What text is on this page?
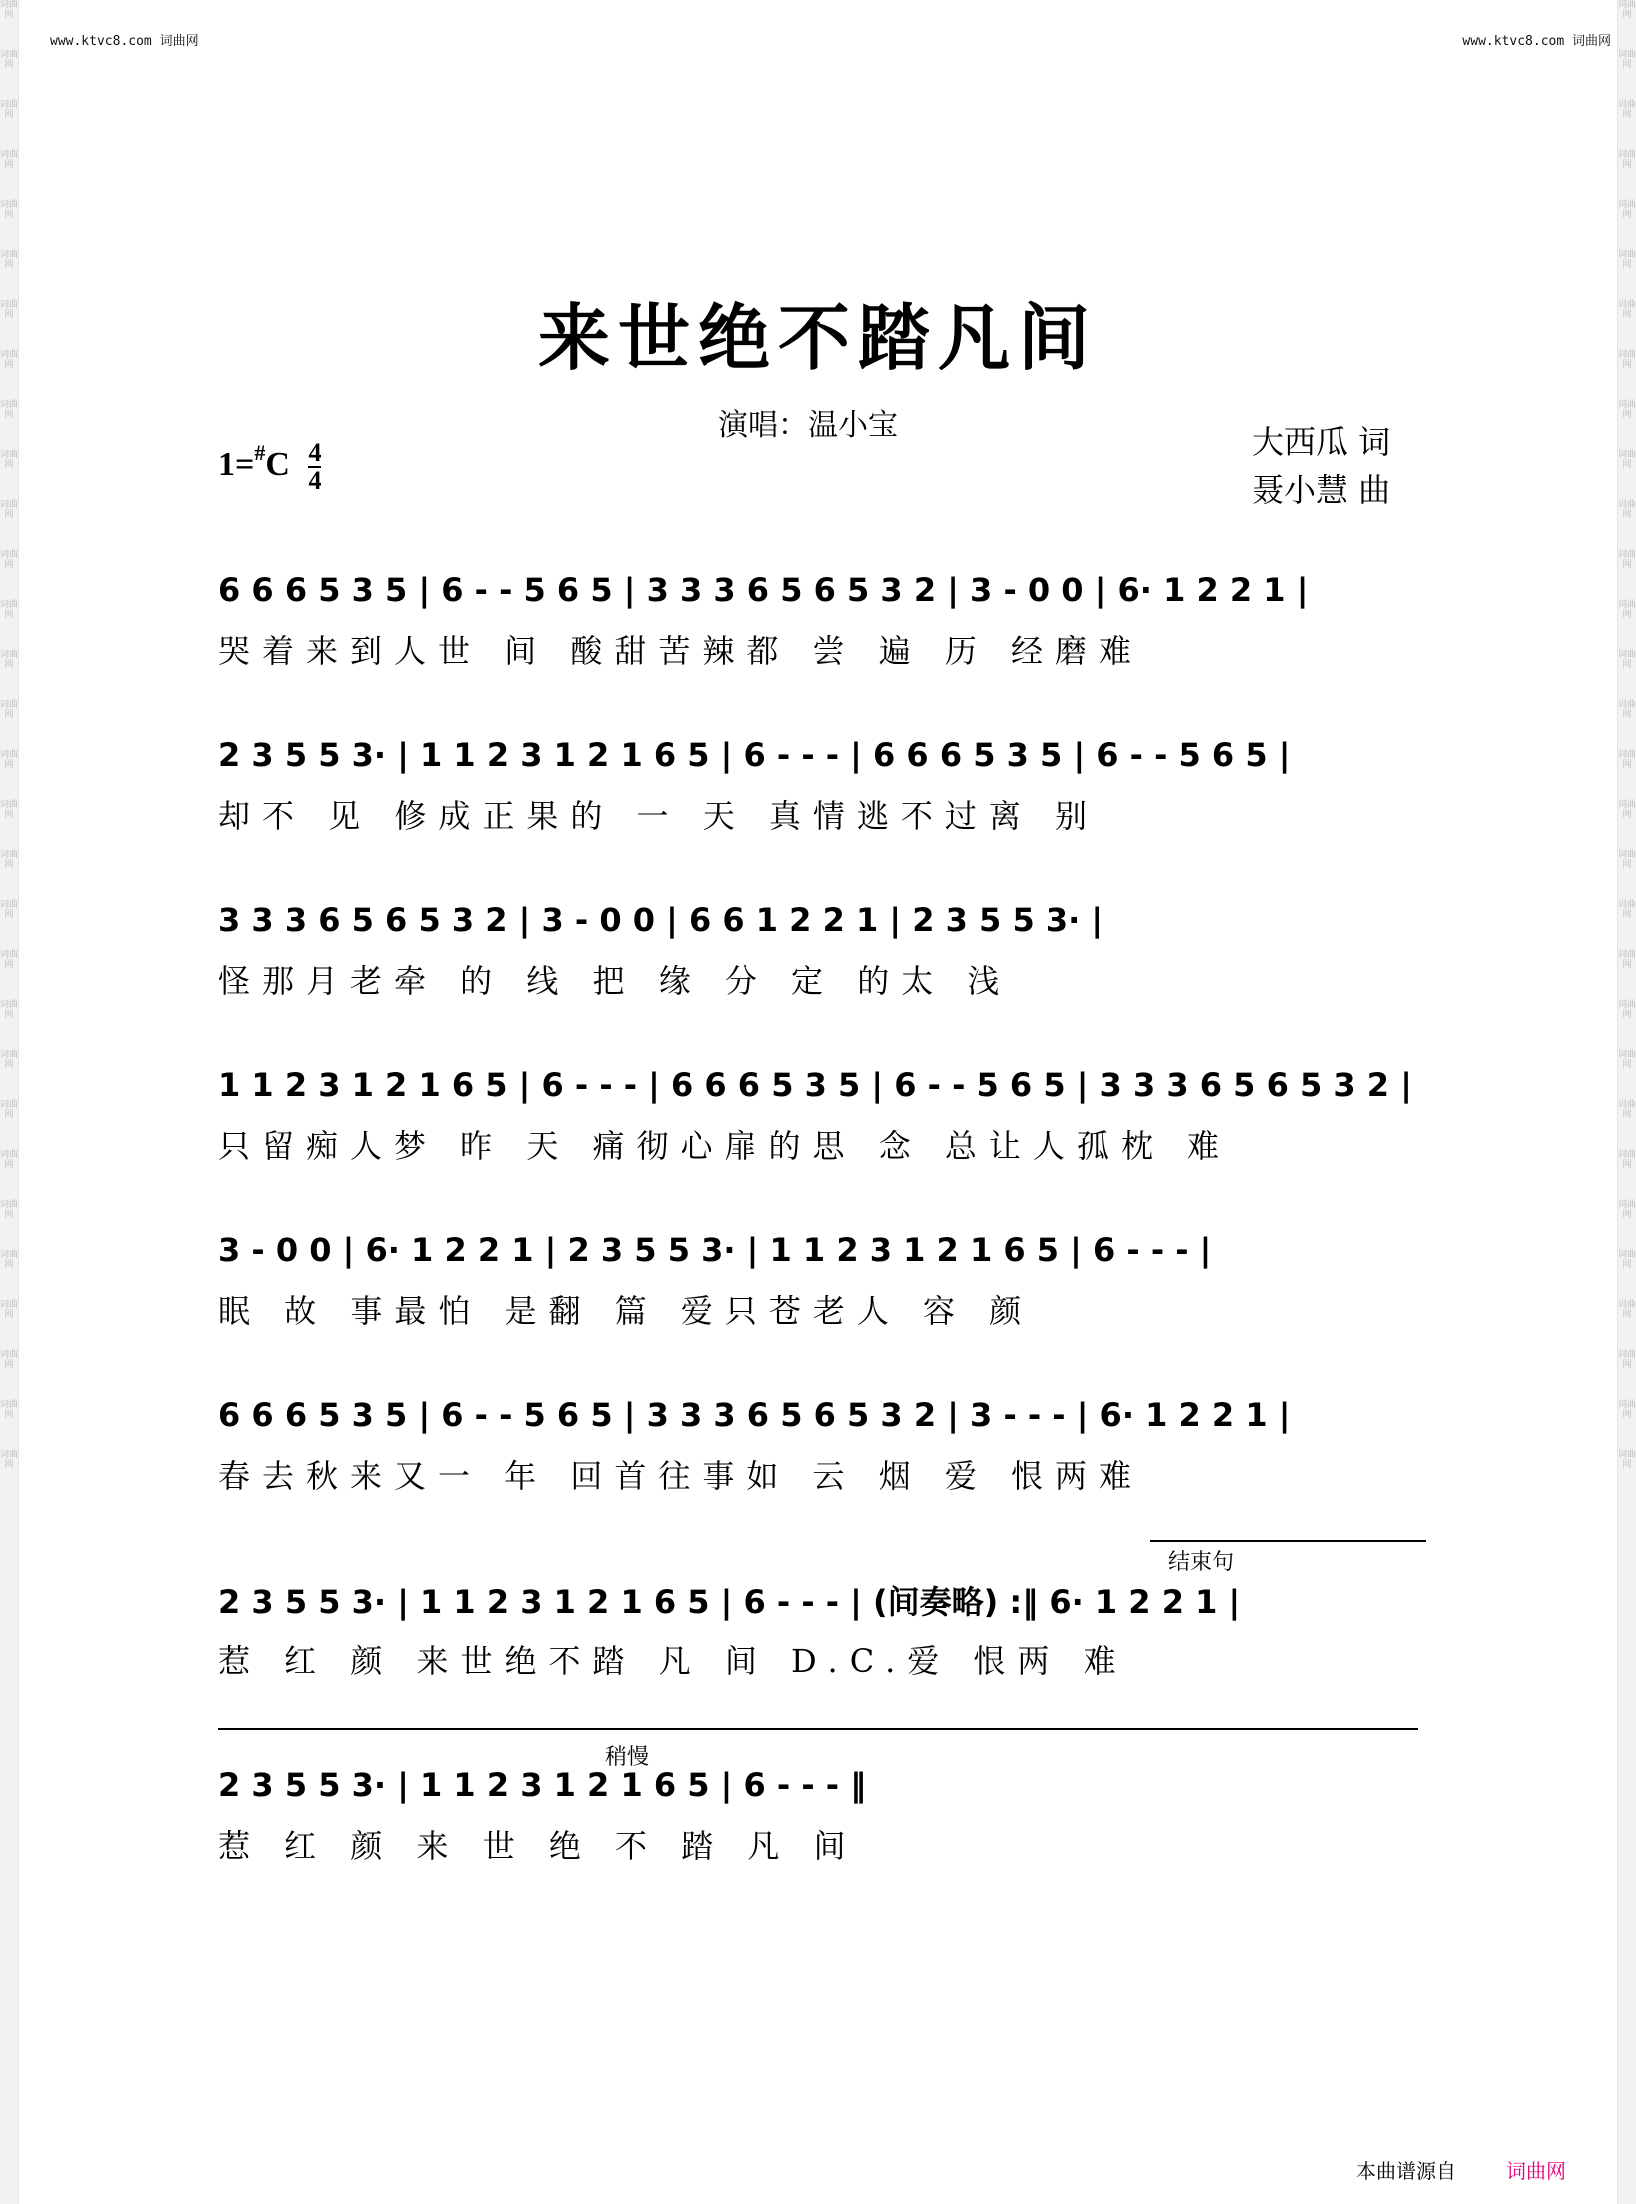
词曲网
词曲网
词曲网
词曲网
词曲网
词曲网
词曲网
词曲网
词曲网
词曲网
词曲网
词曲网
词曲网
词曲网
词曲网
词曲网
词曲网
词曲网
词曲网
词曲网
词曲网
词曲网
词曲网
词曲网
词曲网
词曲网
词曲网
词曲网
词曲网
词曲网
词曲网
词曲网
词曲网
词曲网
词曲网
词曲网
词曲网
词曲网
词曲网
词曲网
词曲网
词曲网
词曲网
词曲网
词曲网
词曲网
词曲网
词曲网
词曲网
词曲网
词曲网
词曲网
词曲网
词曲网
词曲网
词曲网
词曲网
词曲网
词曲网
词曲网
www.ktvc8.com 词曲网	www.ktvc8.com 词曲网
来世绝不踏凡间
演唱：温小宝
$1=^{\#}C \frac{4}{4}$	大西瓜 词
聂小慧 曲
6 6 6 5 3 5 | 6 - - 5 6 5 | 3 3 3 6 5 6 5 3 2 | 3 - 0 0 | 6· 1 2 2 1 |
哭着来到人世 间 酸甜苦辣都 尝 遍 历 经磨难
2 3 5 5 3· | 1 1 2 3 1 2 1 6 5 | 6 - - - | 6 6 6 5 3 5 | 6 - - 5 6 5 |
却不 见 修成正果的 一 天 真情逃不过离 别
3 3 3 6 5 6 5 3 2 | 3 - 0 0 | 6 6 1 2 2 1 | 2 3 5 5 3· |
怪那月老牵 的 线 把 缘 分 定 的太 浅
1 1 2 3 1 2 1 6 5 | 6 - - - | 6 6 6 5 3 5 | 6 - - 5 6 5 | 3 3 3 6 5 6 5 3 2 |
只留痴人梦 昨 天 痛彻心扉的思 念 总让人孤枕 难
3 - 0 0 | 6· 1 2 2 1 | 2 3 5 5 3· | 1 1 2 3 1 2 1 6 5 | 6 - - - |
眠 故 事最怕 是翻 篇 爱只苍老人 容 颜
6 6 6 5 3 5 | 6 - - 5 6 5 | 3 3 3 6 5 6 5 3 2 | 3 - - - | 6· 1 2 2 1 |
春去秋来又一 年 回首往事如 云 烟 爱 恨两难
结束句
2 3 5 5 3· | 1 1 2 3 1 2 1 6 5 | 6 - - - | (间奏略) :‖ 6· 1 2 2 1 |
惹 红 颜 来世绝不踏 凡 间 D.C.爱 恨两 难
稍慢
2 3 5 5 3· | 1 1 2 3 1 2 1 6 5 | 6 - - - ‖
惹 红 颜 来 世 绝 不 踏 凡 间
本曲谱源自	词曲网
